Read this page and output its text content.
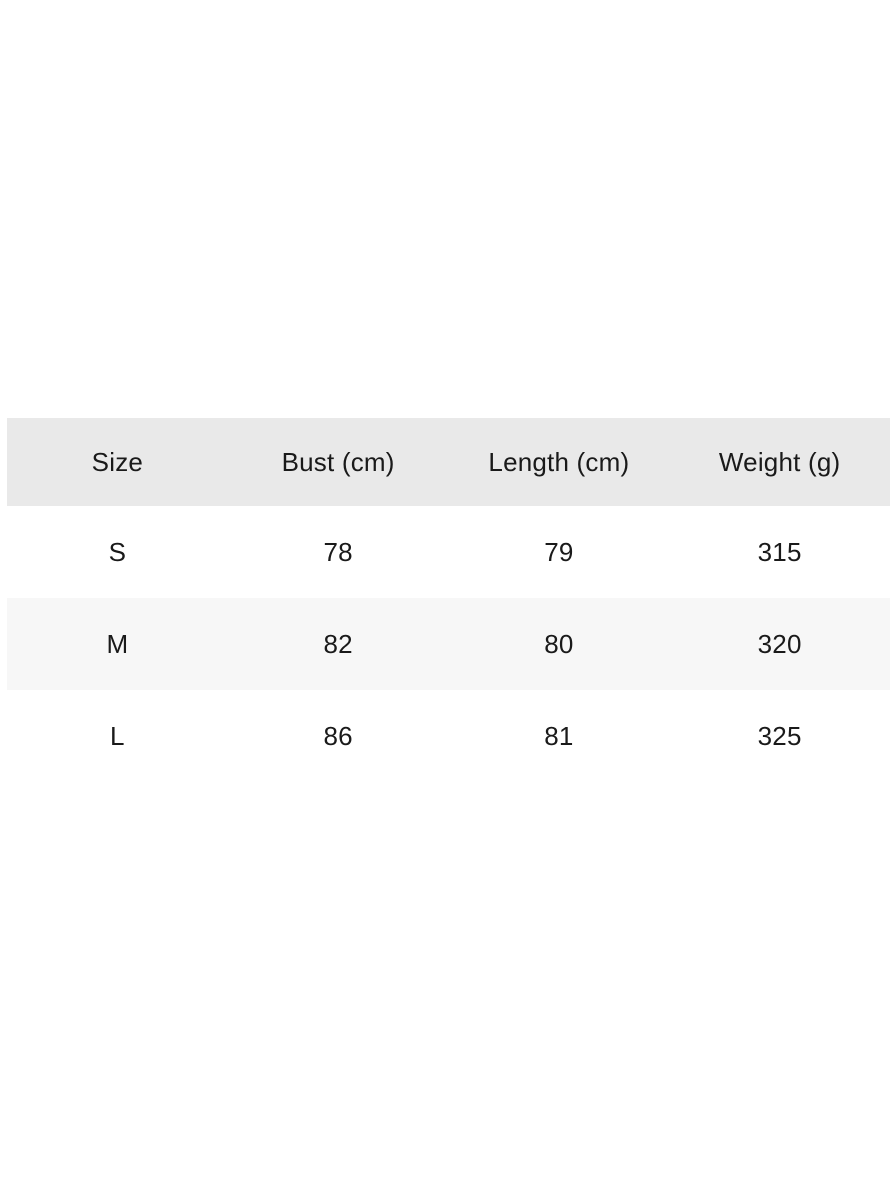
Size	Bust (cm)	Length (cm)	Weight (g)
S	78	79	315
M	82	80	320
L	86	81	325
